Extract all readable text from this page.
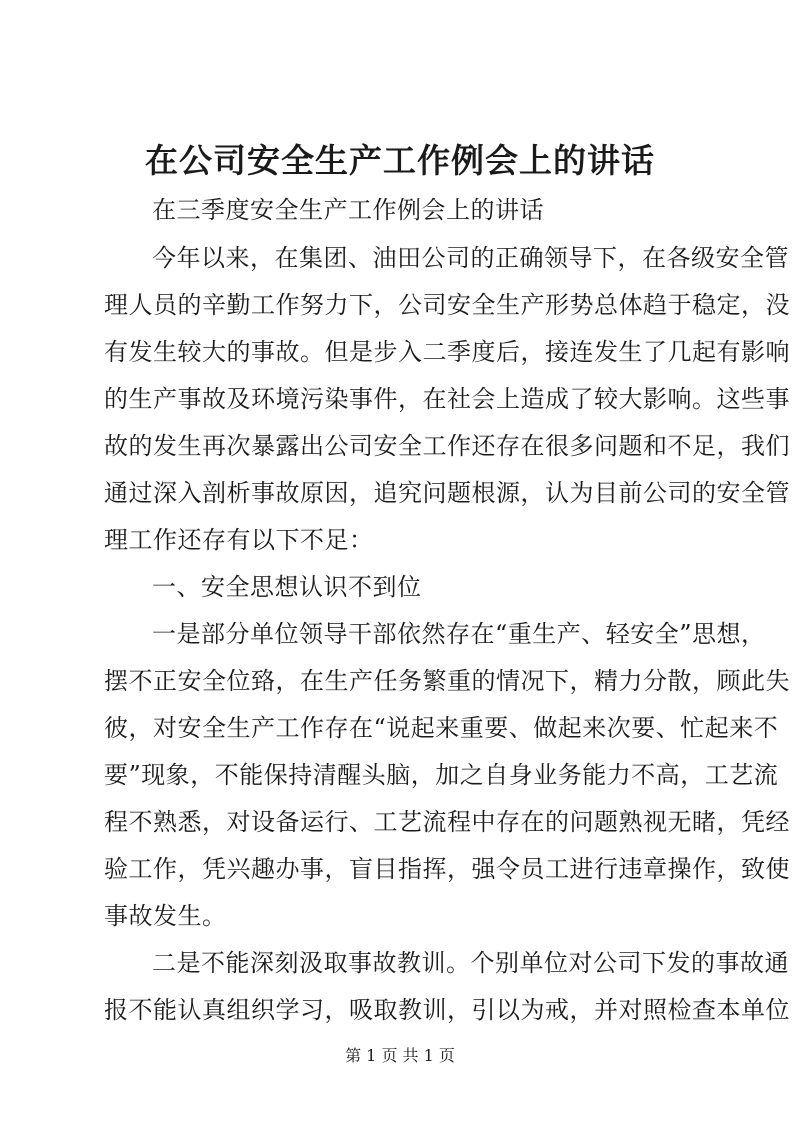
在公司安全生产工作例会上的讲话
在三季度安全生产工作例会上的讲话
今年以来，在集团、油田公司的正确领导下，在各级安全管
理人员的辛勤工作努力下，公司安全生产形势总体趋于稳定，没
有发生较大的事故。但是步入二季度后，接连发生了几起有影响
的生产事故及环境污染事件，在社会上造成了较大影响。这些事
故的发生再次暴露出公司安全工作还存在很多问题和不足，我们
通过深入剖析事故原因，追究问题根源，认为目前公司的安全管
理工作还存有以下不足：
一、安全思想认识不到位
一是部分单位领导干部依然存在“重生产、轻安全”思想，
摆不正安全位臵，在生产任务繁重的情况下，精力分散，顾此失
彼，对安全生产工作存在“说起来重要、做起来次要、忙起来不
要”现象，不能保持清醒头脑，加之自身业务能力不高，工艺流
程不熟悉，对设备运行、工艺流程中存在的问题熟视无睹，凭经
验工作，凭兴趣办事，盲目指挥，强令员工进行违章操作，致使
事故发生。
二是不能深刻汲取事故教训。个别单位对公司下发的事故通
报不能认真组织学习，吸取教训，引以为戒，并对照检查本单位
第 1 页 共 1 页
